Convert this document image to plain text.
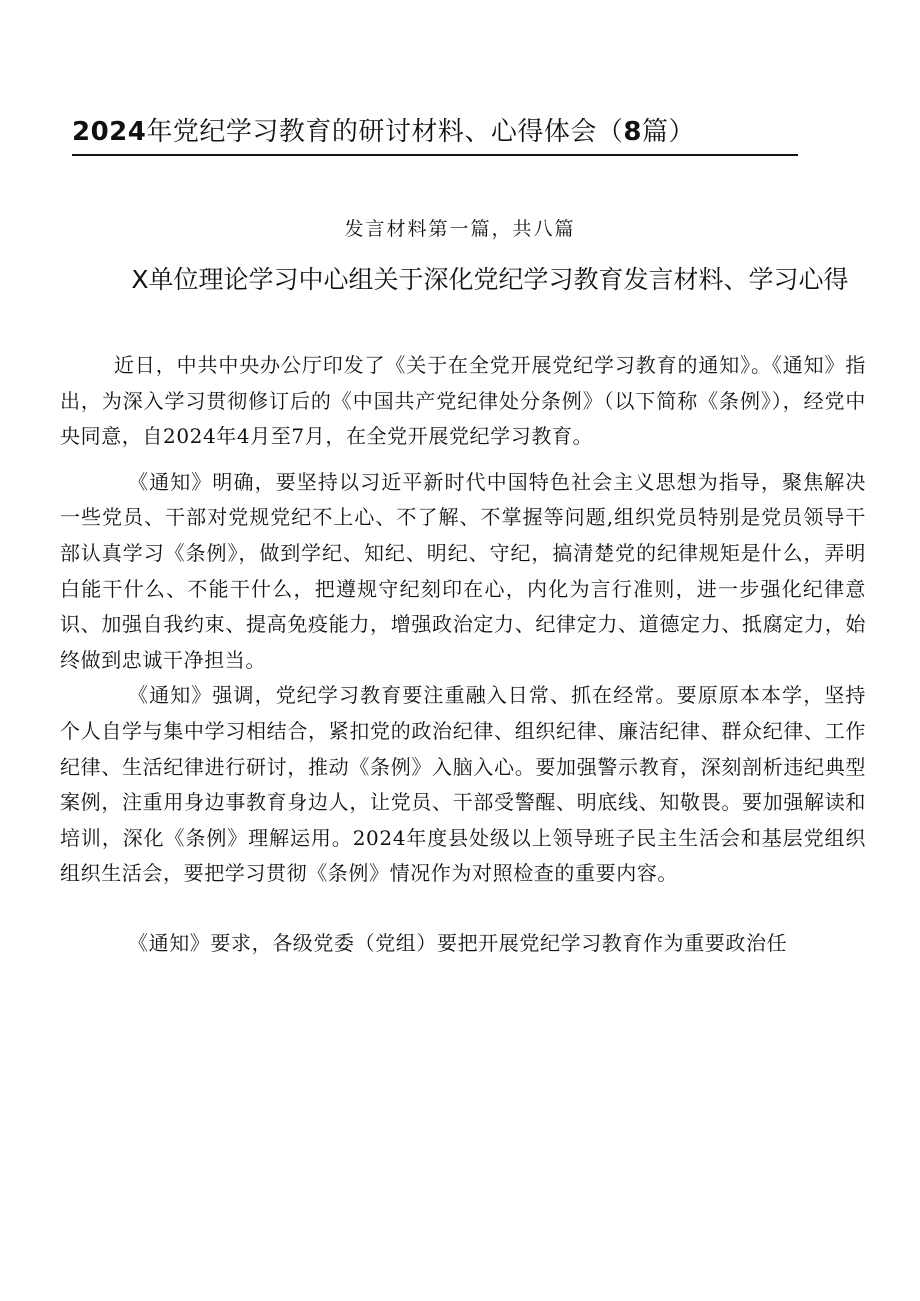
2024年党纪学习教育的研讨材料、心得体会（8篇）
发言材料第一篇，共八篇
X单位理论学习中心组关于深化党纪学习教育发言材料、学习心得

近日，中共中央办公厅印发了《关于在全党开展党纪学习教育的通知》。《通知》指出，为深入学习贯彻修订后的《中国共产党纪律处分条例》（以下简称《条例》），经党中央同意，自2024年4月至7月，在全党开展党纪学习教育。

《通知》明确，要坚持以习近平新时代中国特色社会主义思想为指导，聚焦解决一些党员、干部对党规党纪不上心、不了解、不掌握等问题,组织党员特别是党员领导干部认真学习《条例》，做到学纪、知纪、明纪、守纪，搞清楚党的纪律规矩是什么，弄明白能干什么、不能干什么，把遵规守纪刻印在心，内化为言行准则，进一步强化纪律意识、加强自我约束、提高免疫能力，增强政治定力、纪律定力、道德定力、抵腐定力，始终做到忠诚干净担当。

《通知》强调，党纪学习教育要注重融入日常、抓在经常。要原原本本学，坚持个人自学与集中学习相结合，紧扣党的政治纪律、组织纪律、廉洁纪律、群众纪律、工作纪律、生活纪律进行研讨，推动《条例》入脑入心。要加强警示教育，深刻剖析违纪典型案例，注重用身边事教育身边人，让党员、干部受警醒、明底线、知敬畏。要加强解读和培训，深化《条例》理解运用。2024年度县处级以上领导班子民主生活会和基层党组织组织生活会，要把学习贯彻《条例》情况作为对照检查的重要内容。

《通知》要求，各级党委（党组）要把开展党纪学习教育作为重要政治任
